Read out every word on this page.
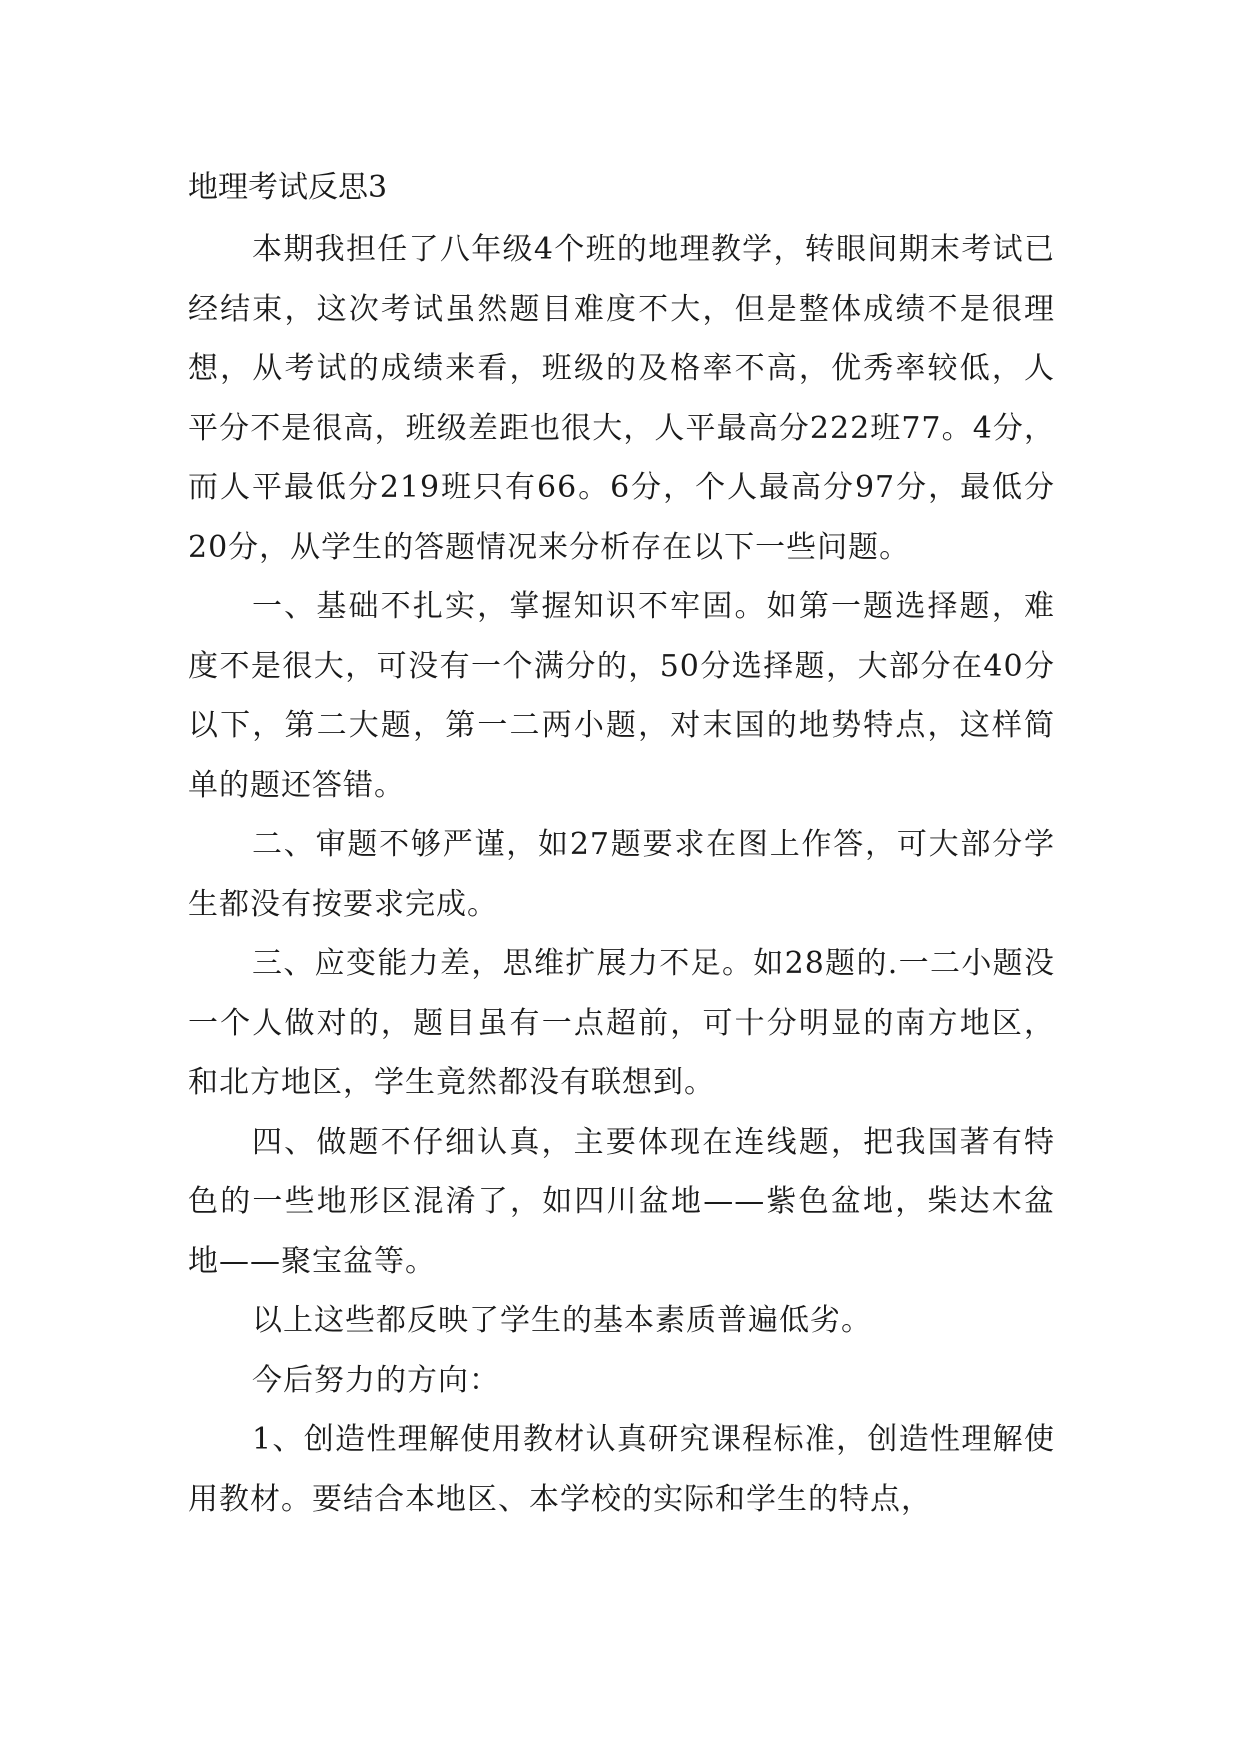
地理考试反思3

本期我担任了八年级4个班的地理教学，转眼间期末考试已经结束，这次考试虽然题目难度不大，但是整体成绩不是很理想，从考试的成绩来看，班级的及格率不高，优秀率较低，人平分不是很高，班级差距也很大，人平最高分222班77。4分，而人平最低分219班只有66。6分，个人最高分97分，最低分20分，从学生的答题情况来分析存在以下一些问题。

一、基础不扎实，掌握知识不牢固。如第一题选择题，难度不是很大，可没有一个满分的，50分选择题，大部分在40分以下，第二大题，第一二两小题，对末国的地势特点，这样简单的题还答错。

二、审题不够严谨，如27题要求在图上作答，可大部分学生都没有按要求完成。

三、应变能力差，思维扩展力不足。如28题的.一二小题没一个人做对的，题目虽有一点超前，可十分明显的南方地区，和北方地区，学生竟然都没有联想到。

四、做题不仔细认真，主要体现在连线题，把我国著有特色的一些地形区混淆了，如四川盆地——紫色盆地，柴达木盆地——聚宝盆等。

以上这些都反映了学生的基本素质普遍低劣。

今后努力的方向：

1、创造性理解使用教材认真研究课程标准，创造性理解使用教材。要结合本地区、本学校的实际和学生的特点，
